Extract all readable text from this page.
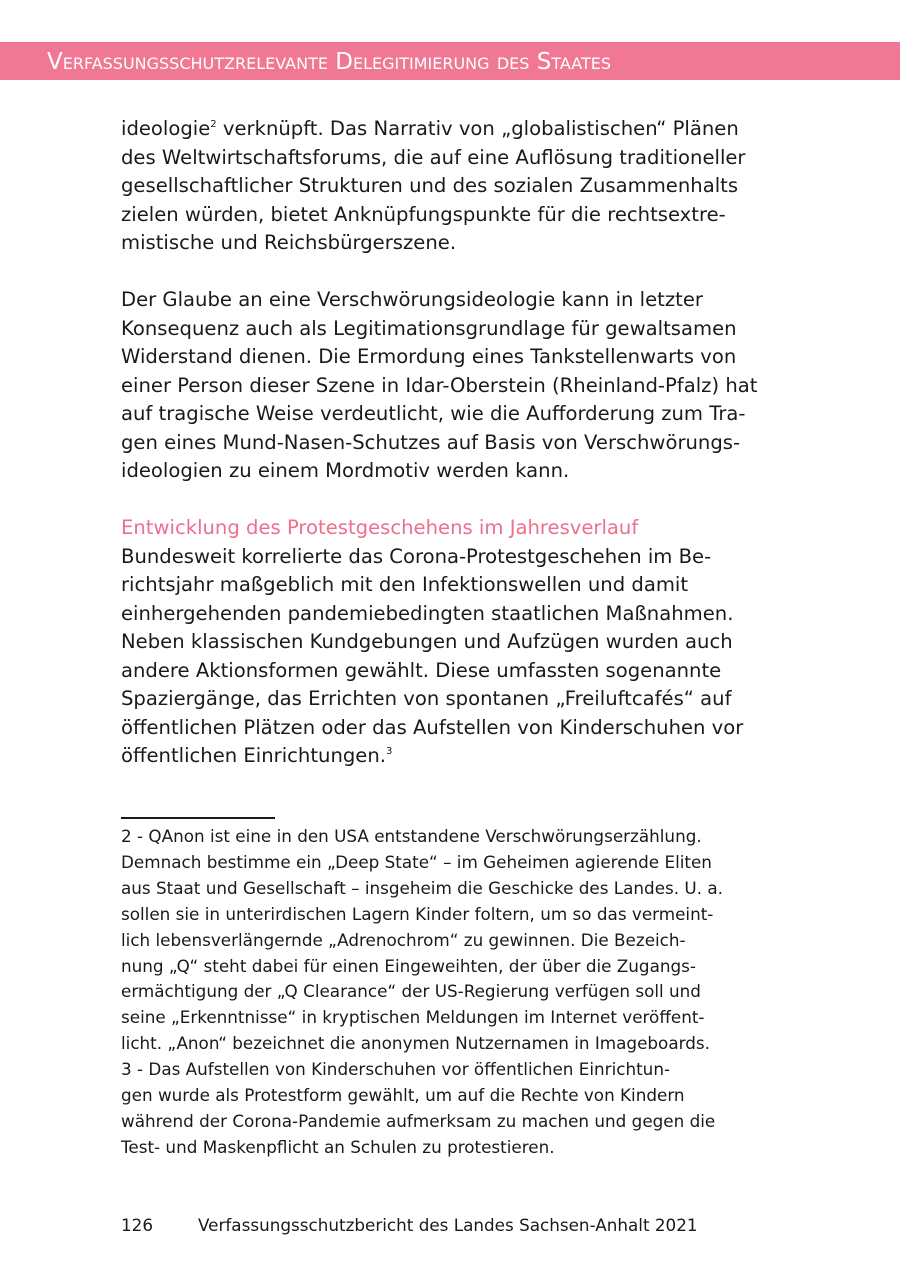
Verfassungsschutzrelevante Delegitimierung des Staates

ideologie$^2$ verknüpft. Das Narrativ von „globalistischen“ Plänen
des Weltwirtschaftsforums, die auf eine Auflösung traditioneller
gesellschaftlicher Strukturen und des sozialen Zusammenhalts
zielen würden, bietet Anknüpfungspunkte für die rechtsextre-
mistische und Reichsbürgerszene.

Der Glaube an eine Verschwörungsideologie kann in letzter
Konsequenz auch als Legitimationsgrundlage für gewaltsamen
Widerstand dienen. Die Ermordung eines Tankstellenwarts von
einer Person dieser Szene in Idar-Oberstein (Rheinland-Pfalz) hat
auf tragische Weise verdeutlicht, wie die Aufforderung zum Tra-
gen eines Mund-Nasen-Schutzes auf Basis von Verschwörungs-
ideologien zu einem Mordmotiv werden kann.

Entwicklung des Protestgeschehens im Jahresverlauf

Bundesweit korrelierte das Corona-Protestgeschehen im Be-
richtsjahr maßgeblich mit den Infektionswellen und damit
einhergehenden pandemiebedingten staatlichen Maßnahmen.
Neben klassischen Kundgebungen und Aufzügen wurden auch
andere Aktionsformen gewählt. Diese umfassten sogenannte
Spaziergänge, das Errichten von spontanen „Freiluftcafés“ auf
öffentlichen Plätzen oder das Aufstellen von Kinderschuhen vor
öffentlichen Einrichtungen.$^3$

2 - QAnon ist eine in den USA entstandene Verschwörungserzählung.
Demnach bestimme ein „Deep State“ – im Geheimen agierende Eliten
aus Staat und Gesellschaft – insgeheim die Geschicke des Landes. U. a.
sollen sie in unterirdischen Lagern Kinder foltern, um so das vermeint-
lich lebensverlängernde „Adrenochrom“ zu gewinnen. Die Bezeich-
nung „Q“ steht dabei für einen Eingeweihten, der über die Zugangs-
ermächtigung der „Q Clearance“ der US-Regierung verfügen soll und
seine „Erkenntnisse“ in kryptischen Meldungen im Internet veröffent-
licht. „Anon“ bezeichnet die anonymen Nutzernamen in Imageboards.
3 - Das Aufstellen von Kinderschuhen vor öffentlichen Einrichtun-
gen wurde als Protestform gewählt, um auf die Rechte von Kindern
während der Corona-Pandemie aufmerksam zu machen und gegen die
Test- und Maskenpflicht an Schulen zu protestieren.
126	Verfassungsschutzbericht des Landes Sachsen-Anhalt 2021
